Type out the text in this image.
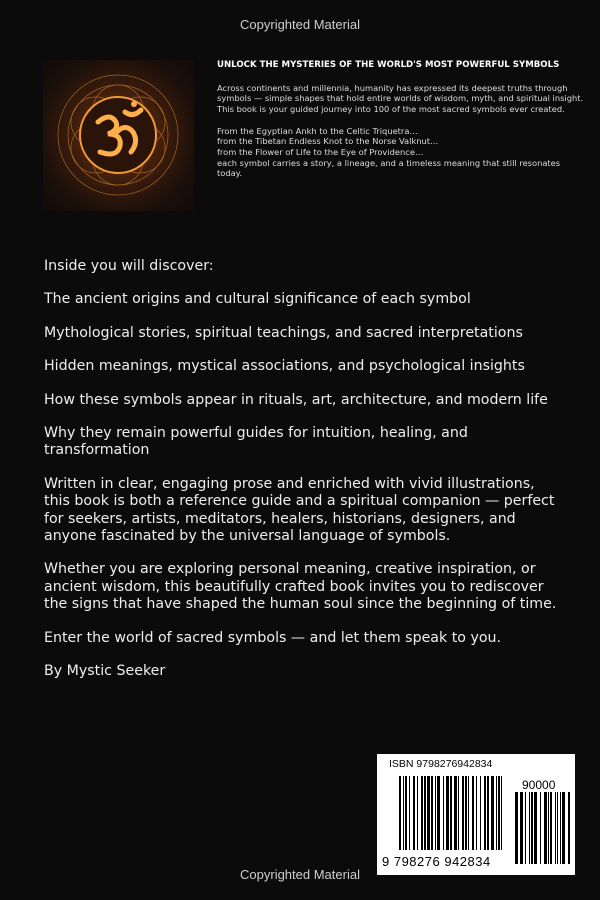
Copyrighted Material
UNLOCK THE MYSTERIES OF THE WORLD'S MOST POWERFUL SYMBOLS

Across continents and millennia, humanity has expressed its deepest truths through symbols — simple shapes that hold entire worlds of wisdom, myth, and spiritual insight.
This book is your guided journey into 100 of the most sacred symbols ever created.

From the Egyptian Ankh to the Celtic Triquetra…
from the Tibetan Endless Knot to the Norse Valknut…
from the Flower of Life to the Eye of Providence…
each symbol carries a story, a lineage, and a timeless meaning that still resonates today.

Inside you will discover:

The ancient origins and cultural significance of each symbol

Mythological stories, spiritual teachings, and sacred interpretations

Hidden meanings, mystical associations, and psychological insights

How these symbols appear in rituals, art, architecture, and modern life

Why they remain powerful guides for intuition, healing, and transformation

Written in clear, engaging prose and enriched with vivid illustrations, this book is both a reference guide and a spiritual companion — perfect for seekers, artists, meditators, healers, historians, designers, and anyone fascinated by the universal language of symbols.

Whether you are exploring personal meaning, creative inspiration, or ancient wisdom, this beautifully crafted book invites you to rediscover the signs that have shaped the human soul since the beginning of time.

Enter the world of sacred symbols — and let them speak to you.

By Mystic Seeker

ISBN 9798276942834
90000
9 798276 942834
Copyrighted Material
